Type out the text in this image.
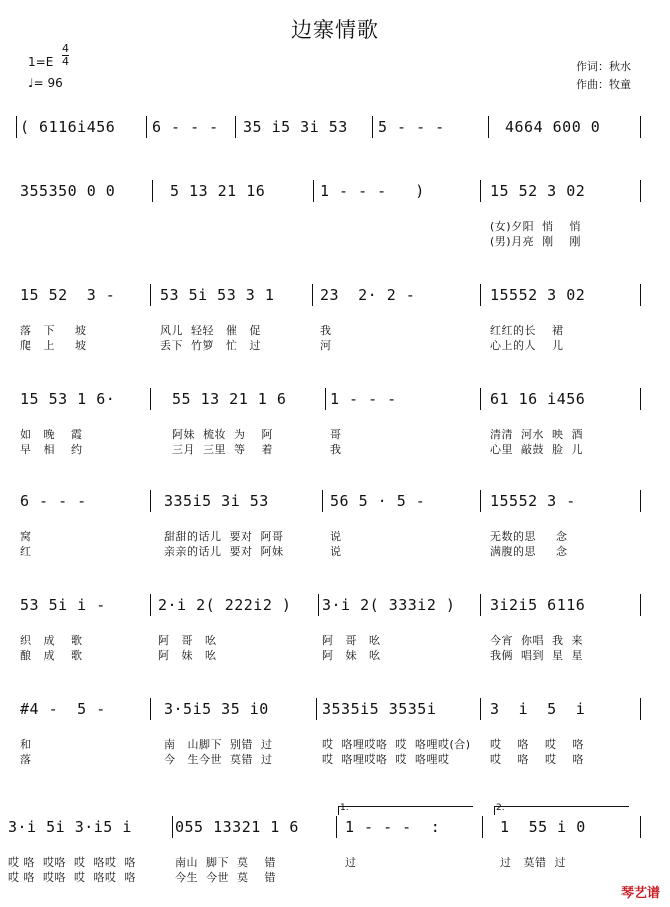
边寨情歌
$1=E \frac{4}{4}$
♩= 96
作词：秋水
作曲：牧童
( 6116i456 6 - - - 35 i5 3i 53 5 - - -	4664 600 0
355350 0 0	5 13 21 16	1 - - -   )	15 52 3 02
(女)夕阳  悄    悄
(男)月亮  刚    刚
15 52  3 -
落   下     坡
爬   上     坡
53 5i 53 3 1
风儿  轻轻   催   促
丢下  竹箩   忙   过
23  2· 2 -
我
河
15552 3 02
红红的长    裙
心上的人    儿
15 53 1 6·
如   晚    霞
早   相    约
55 13 21 1 6
阿妹  梳妆  为    阿
三月  三里  等    着
1 - - -
哥
我
61 16 i456
清清  河水  映  酒
心里  敲鼓  脸  儿
6 - - -
窝
红
335i5 3i 53
甜甜的话儿  要对  阿哥
亲亲的话儿  要对  阿妹
56 5 · 5 -
说
说
15552 3 -
无数的思     念
满腹的思     念
53 5i i -
织   成    歌
酿   成    歌
2·i 2( 222i2 )
阿   哥   吆
阿   妹   吆
3·i 2( 333i2 )
阿   哥   吆
阿   妹   吆
3i2i5 6116
今宵  你唱  我  来
我俩  唱到  星  星
#4 -  5 -
和
落
3·5i5 35 i0
南   山脚下  别错  过
今   生今世  莫错  过
3535i5 3535i
哎  咯哩哎咯  哎  咯哩哎(合)
哎  咯哩哎咯  哎  咯哩哎
3  i  5  i
哎    咯    哎    咯
哎    咯    哎    咯
3·i 5i 3·i5 i
哎 咯  哎咯  哎  咯哎  咯
哎 咯  哎咯  哎  咯哎  咯
055 13321 1 6
南山  脚下  莫    错
今生  今世  莫    错
1 - - -  :
过
1  55 i 0
过   莫错  过
1.	2.
琴艺谱
